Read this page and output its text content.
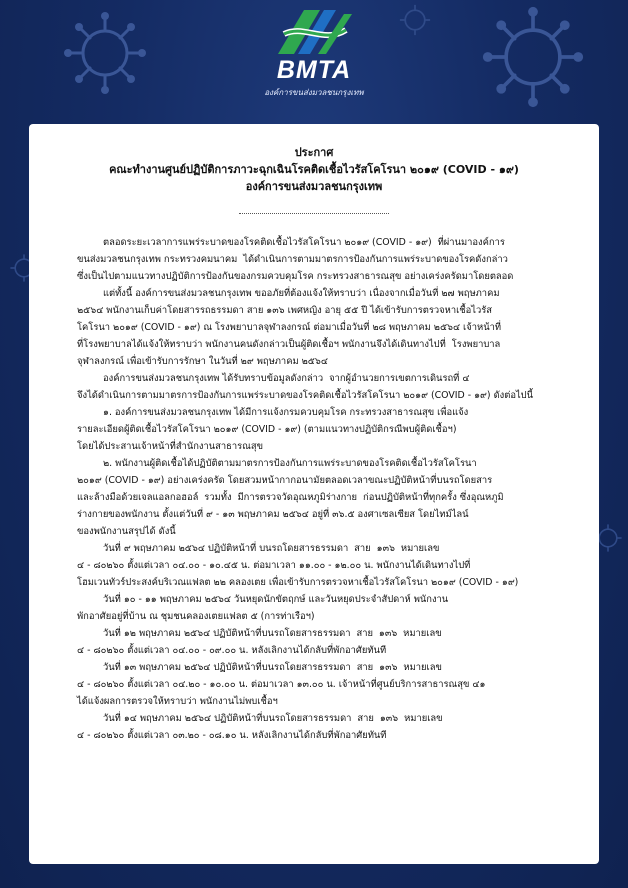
BMTA
องค์การขนส่งมวลชนกรุงเทพ
ประกาศ
คณะทำงานศูนย์ปฏิบัติการภาวะฉุกเฉินโรคติดเชื้อไวรัสโคโรนา ๒๐๑๙ (COVID - ๑๙)
องค์การขนส่งมวลชนกรุงเทพ

ตลอดระยะเวลาการแพร่ระบาดของโรคติดเชื้อไวรัสโคโรนา ๒๐๑๙ (COVID - ๑๙)  ที่ผ่านมาองค์การ

ขนส่งมวลชนกรุงเทพ กระทรวงคมนาคม  ได้ดำเนินการตามมาตรการป้องกันการแพร่ระบาดของโรคดังกล่าว

ซึ่งเป็นไปตามแนวทางปฏิบัติการป้องกันของกรมควบคุมโรค กระทรวงสาธารณสุข อย่างเคร่งครัดมาโดยตลอด

แต่ทั้งนี้ องค์การขนส่งมวลชนกรุงเทพ ขออภัยที่ต้องแจ้งให้ทราบว่า เนื่องจากเมื่อวันที่ ๒๗ พฤษภาคม

๒๕๖๔ พนักงานเก็บค่าโดยสารรถธรรมดา สาย ๑๓๖ เพศหญิง อายุ ๕๕ ปี ได้เข้ารับการตรวจหาเชื้อไวรัส

โคโรนา ๒๐๑๙ (COVID - ๑๙) ณ โรงพยาบาลจุฬาลงกรณ์ ต่อมาเมื่อวันที่ ๒๘ พฤษภาคม ๒๕๖๔ เจ้าหน้าที่

ที่โรงพยาบาลได้แจ้งให้ทราบว่า พนักงานคนดังกล่าวเป็นผู้ติดเชื้อฯ พนักงานจึงได้เดินทางไปที่  โรงพยาบาล

จุฬาลงกรณ์ เพื่อเข้ารับการรักษา ในวันที่ ๒๙ พฤษภาคม ๒๕๖๔

องค์การขนส่งมวลชนกรุงเทพ ได้รับทราบข้อมูลดังกล่าว  จากผู้อำนวยการเขตการเดินรถที่ ๔

จึงได้ดำเนินการตามมาตรการป้องกันการแพร่ระบาดของโรคติดเชื้อไวรัสโคโรนา ๒๐๑๙ (COVID - ๑๙) ดังต่อไปนี้

๑. องค์การขนส่งมวลชนกรุงเทพ ได้มีการแจ้งกรมควบคุมโรค กระทรวงสาธารณสุข เพื่อแจ้ง

รายละเอียดผู้ติดเชื้อไวรัสโคโรนา ๒๐๑๙ (COVID - ๑๙) (ตามแนวทางปฏิบัติกรณีพบผู้ติดเชื้อฯ)

โดยได้ประสานเจ้าหน้าที่สำนักงานสาธารณสุข

๒. พนักงานผู้ติดเชื้อได้ปฏิบัติตามมาตรการป้องกันการแพร่ระบาดของโรคติดเชื้อไวรัสโคโรนา

๒๐๑๙ (COVID - ๑๙) อย่างเคร่งครัด โดยสวมหน้ากากอนามัยตลอดเวลาขณะปฏิบัติหน้าที่บนรถโดยสาร

และล้างมือด้วยเจลแอลกอฮอล์  รวมทั้ง  มีการตรวจวัดอุณหภูมิร่างกาย  ก่อนปฏิบัติหน้าที่ทุกครั้ง ซึ่งอุณหภูมิ

ร่างกายของพนักงาน ตั้งแต่วันที่ ๙ - ๑๓ พฤษภาคม ๒๕๖๔ อยู่ที่ ๓๖.๕ องศาเซลเซียส โดยไทม์ไลน์

ของพนักงานสรุปได้ ดังนี้

วันที่ ๙ พฤษภาคม ๒๕๖๔ ปฏิบัติหน้าที่ บนรถโดยสารธรรมดา  สาย  ๑๓๖  หมายเลข

๔ - ๘๐๒๖๐ ตั้งแต่เวลา ๐๔.๐๐ - ๑๐.๔๕ น. ต่อมาเวลา ๑๑.๐๐ - ๑๒.๐๐ น. พนักงานได้เดินทางไปที่

โฮมเวนทัวร์ประสงค์บริเวณแฟลต ๒๒ คลองเตย เพื่อเข้ารับการตรวจหาเชื้อไวรัสโคโรนา ๒๐๑๙ (COVID - ๑๙)

วันที่ ๑๐ - ๑๑ พฤษภาคม ๒๕๖๔ วันหยุดนักขัตฤกษ์ และวันหยุดประจำสัปดาห์ พนักงาน

พักอาศัยอยู่ที่บ้าน ณ ชุมชนคลองเตยแฟลต ๕ (การท่าเรือฯ)

วันที่ ๑๒ พฤษภาคม ๒๕๖๔ ปฏิบัติหน้าที่บนรถโดยสารธรรมดา  สาย  ๑๓๖  หมายเลข

๔ - ๘๐๒๖๐ ตั้งแต่เวลา ๐๔.๐๐ - ๐๙.๐๐ น. หลังเลิกงานได้กลับที่พักอาศัยทันที

วันที่ ๑๓ พฤษภาคม ๒๕๖๔ ปฏิบัติหน้าที่บนรถโดยสารธรรมดา  สาย  ๑๓๖  หมายเลข

๔ - ๘๐๒๖๐ ตั้งแต่เวลา ๐๔.๒๐ - ๑๐.๐๐ น. ต่อมาเวลา ๑๓.๐๐ น. เจ้าหน้าที่ศูนย์บริการสาธารณสุข ๔๑

ได้แจ้งผลการตรวจให้ทราบว่า พนักงานไม่พบเชื้อฯ

วันที่ ๑๔ พฤษภาคม ๒๕๖๔ ปฏิบัติหน้าที่บนรถโดยสารธรรมดา  สาย  ๑๓๖  หมายเลข

๔ - ๘๐๒๖๐ ตั้งแต่เวลา ๐๓.๒๐ - ๐๘.๑๐ น. หลังเลิกงานได้กลับที่พักอาศัยทันที
